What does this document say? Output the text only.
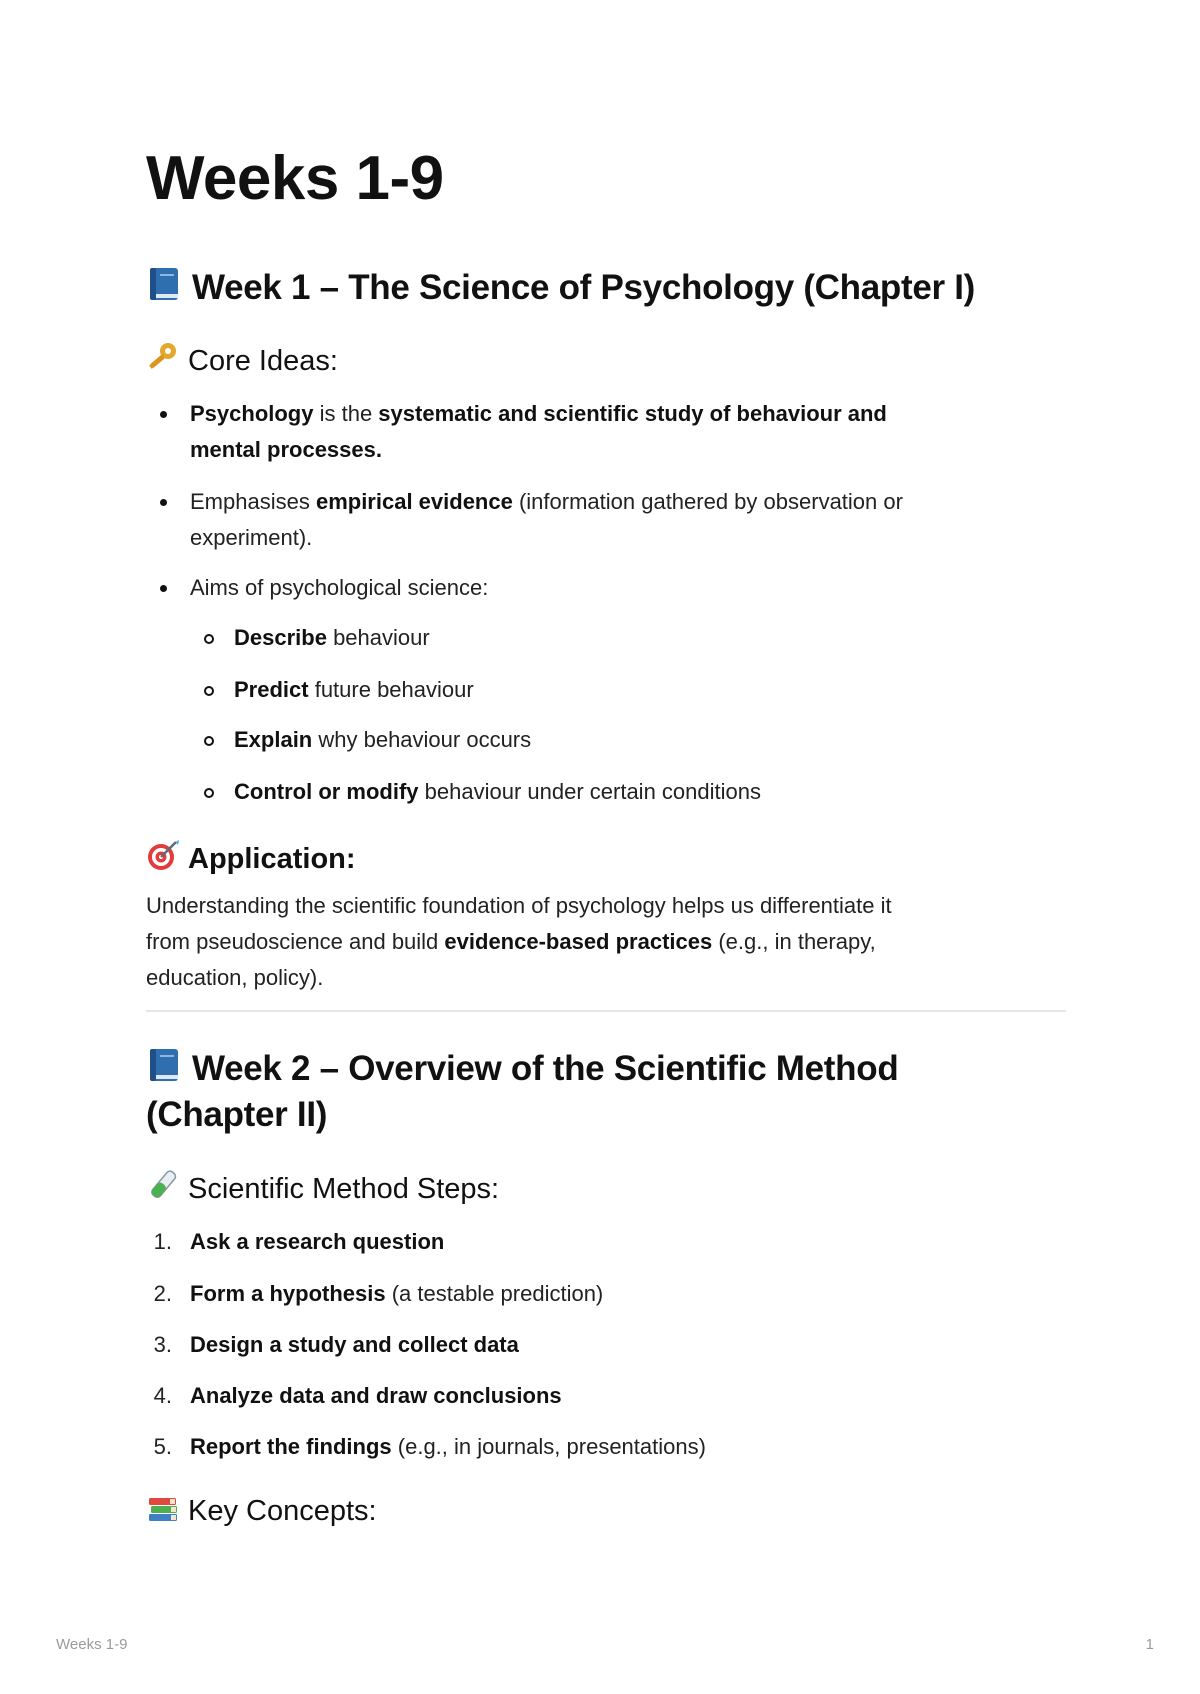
Weeks 1-9
Week 1 – The Science of Psychology (Chapter I)
Core Ideas:
Psychology is the systematic and scientific study of behaviour and
mental processes.
Emphasises empirical evidence (information gathered by observation or
experiment).
Aims of psychological science:
Describe behaviour
Predict future behaviour
Explain why behaviour occurs
Control or modify behaviour under certain conditions
Application:
Understanding the scientific foundation of psychology helps us differentiate it
from pseudoscience and build evidence-based practices (e.g., in therapy,
education, policy).
Week 2 – Overview of the Scientific Method
(Chapter II)
Scientific Method Steps:
1. Ask a research question
2. Form a hypothesis (a testable prediction)
3. Design a study and collect data
4. Analyze data and draw conclusions
5. Report the findings (e.g., in journals, presentations)
Key Concepts:
Weeks 1-9	1
